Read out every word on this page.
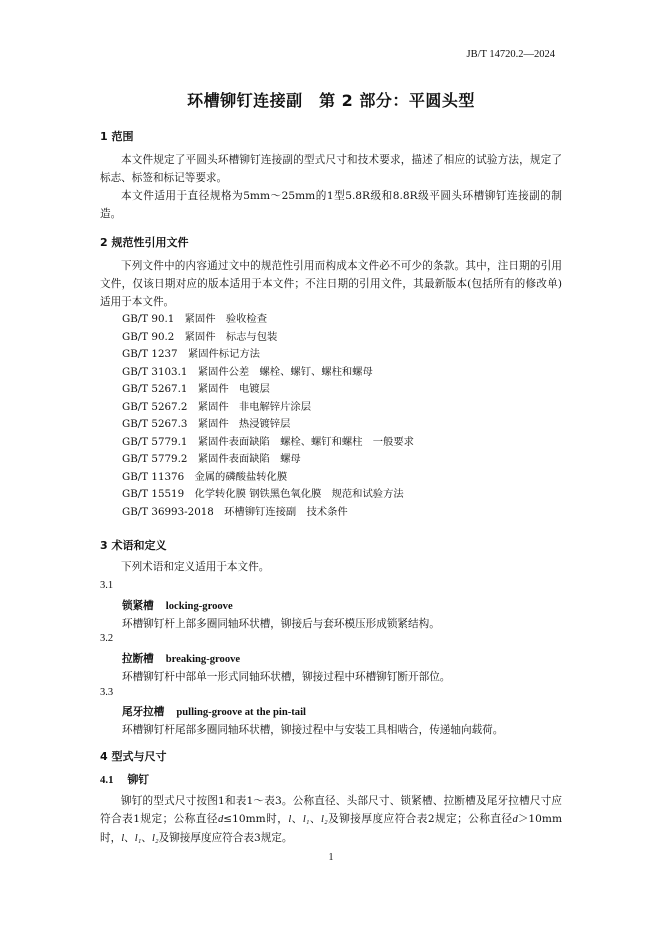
JB/T 14720.2—2024
环槽铆钉连接副　第 2 部分：平圆头型
1 范围
本文件规定了平圆头环槽铆钉连接副的型式尺寸和技术要求，描述了相应的试验方法，规定了标志、标签和标记等要求。
本文件适用于直径规格为5mm～25mm的1型5.8R级和8.8R级平圆头环槽铆钉连接副的制造。
2 规范性引用文件
下列文件中的内容通过文中的规范性引用而构成本文件必不可少的条款。其中，注日期的引用文件，仅该日期对应的版本适用于本文件；不注日期的引用文件，其最新版本(包括所有的修改单)适用于本文件。
GB/T 90.1　紧固件　验收检查
GB/T 90.2　紧固件　标志与包装
GB/T 1237　紧固件标记方法
GB/T 3103.1　紧固件公差　螺栓、螺钉、螺柱和螺母
GB/T 5267.1　紧固件　电镀层
GB/T 5267.2　紧固件　非电解锌片涂层
GB/T 5267.3　紧固件　热浸镀锌层
GB/T 5779.1　紧固件表面缺陷　螺栓、螺钉和螺柱　一般要求
GB/T 5779.2　紧固件表面缺陷　螺母
GB/T 11376　金属的磷酸盐转化膜
GB/T 15519　化学转化膜 钢铁黑色氧化膜　规范和试验方法
GB/T 36993-2018　环槽铆钉连接副　技术条件
3 术语和定义
下列术语和定义适用于本文件。
3.1
锁紧槽 locking-groove
环槽铆钉杆上部多圈同轴环状槽，铆接后与套环模压形成锁紧结构。
3.2
拉断槽 breaking-groove
环槽铆钉杆中部单一形式同轴环状槽，铆接过程中环槽铆钉断开部位。
3.3
尾牙拉槽 pulling-groove at the pin-tail
环槽铆钉杆尾部多圈同轴环状槽，铆接过程中与安装工具相啮合，传递轴向载荷。
4 型式与尺寸
4.1 铆钉
铆钉的型式尺寸按图1和表1～表3。公称直径、头部尺寸、锁紧槽、拉断槽及尾牙拉槽尺寸应符合表1规定；公称直径d≤10mm时，l、l₁、l₂及铆接厚度应符合表2规定；公称直径d＞10mm时，l、l₁、l₂及铆接厚度应符合表3规定。
1
